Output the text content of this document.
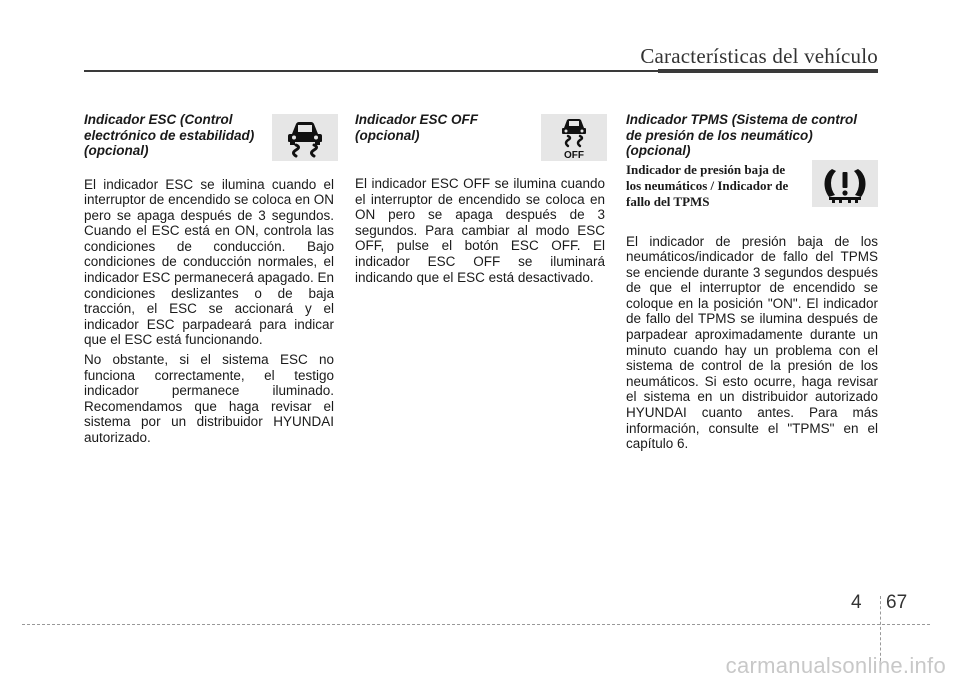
Características del vehículo

Indicador ESC (Control
electrónico de estabilidad)
(opcional)

El indicador ESC se ilumina cuando el interruptor de encendido se coloca en ON pero se apaga después de 3 segundos. Cuando el ESC está en ON, controla las condiciones de conducción. Bajo condiciones de conducción normales, el indicador ESC permanecerá apagado. En condiciones deslizantes o de baja tracción, el ESC se accionará y el indicador ESC parpadeará para indicar que el ESC está funcionando.

No obstante, si el sistema ESC no funciona correctamente, el testigo indicador permanece iluminado. Recomendamos que haga revisar el sistema por un distribuidor HYUNDAI autorizado.

Indicador ESC OFF
(opcional)

OFF

El indicador ESC OFF se ilumina cuando el interruptor de encendido se coloca en ON pero se apaga después de 3 segundos. Para cambiar al modo ESC OFF, pulse el botón ESC OFF. El indicador ESC OFF se iluminará indicando que el ESC está desactivado.

Indicador TPMS (Sistema de control
de presión de los neumático)
(opcional)

Indicador de presión baja de
los neumáticos / Indicador de
fallo del TPMS

El indicador de presión baja de los neumáticos/indicador de fallo del TPMS se enciende durante 3 segundos después de que el interruptor de encendido se coloque en la posición "ON". El indicador de fallo del TPMS se ilumina después de parpadear aproximadamente durante un minuto cuando hay un problema con el sistema de control de la presión de los neumáticos. Si esto ocurre, haga revisar el sistema en un distribuidor autorizado HYUNDAI cuanto antes. Para más información, consulte el "TPMS" en el capítulo 6.

4 67
carmanualsonline.info
